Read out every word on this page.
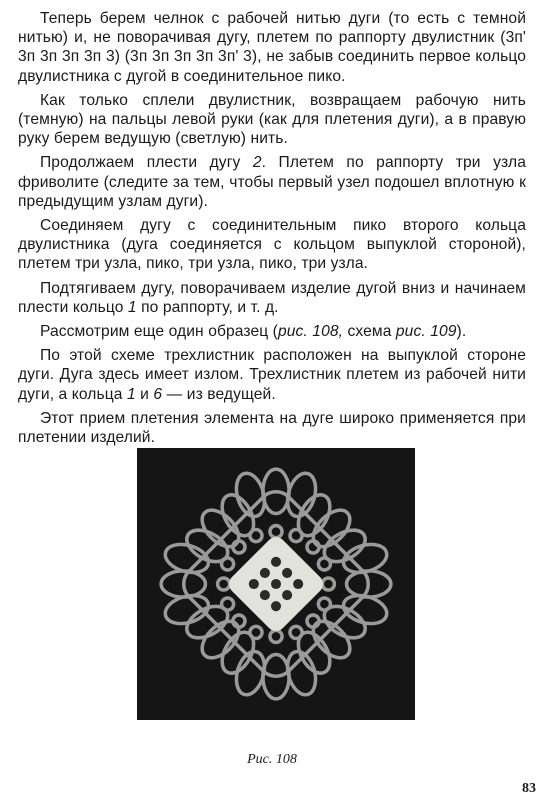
Теперь берем челнок с рабочей нитью дуги (то есть с темной нитью) и, не поворачивая дугу, плетем по раппорту двулистник (3п' 3п 3п 3п 3п 3) (3п 3п 3п 3п 3п' 3), не забыв соединить первое кольцо двулистника с дугой в соединительное пико.

Как только сплели двулистник, возвращаем рабочую нить (темную) на пальцы левой руки (как для плетения дуги), а в правую руку берем ведущую (светлую) нить.

Продолжаем плести дугу 2. Плетем по раппорту три узла фриволите (следите за тем, чтобы первый узел подошел вплотную к предыдущим узлам дуги).

Соединяем дугу с соединительным пико второго кольца двулистника (дуга соединяется с кольцом выпуклой стороной), плетем три узла, пико, три узла, пико, три узла.

Подтягиваем дугу, поворачиваем изделие дугой вниз и начинаем плести кольцо 1 по раппорту, и т. д.

Рассмотрим еще один образец (рис. 108, схема рис. 109).

По этой схеме трехлистник расположен на выпуклой стороне дуги. Дуга здесь имеет излом. Трехлистник плетем из рабочей нити дуги, а кольца 1 и 6 — из ведущей.

Этот прием плетения элемента на дуге широко применяется при плетении изделий.

Рис. 108
83
